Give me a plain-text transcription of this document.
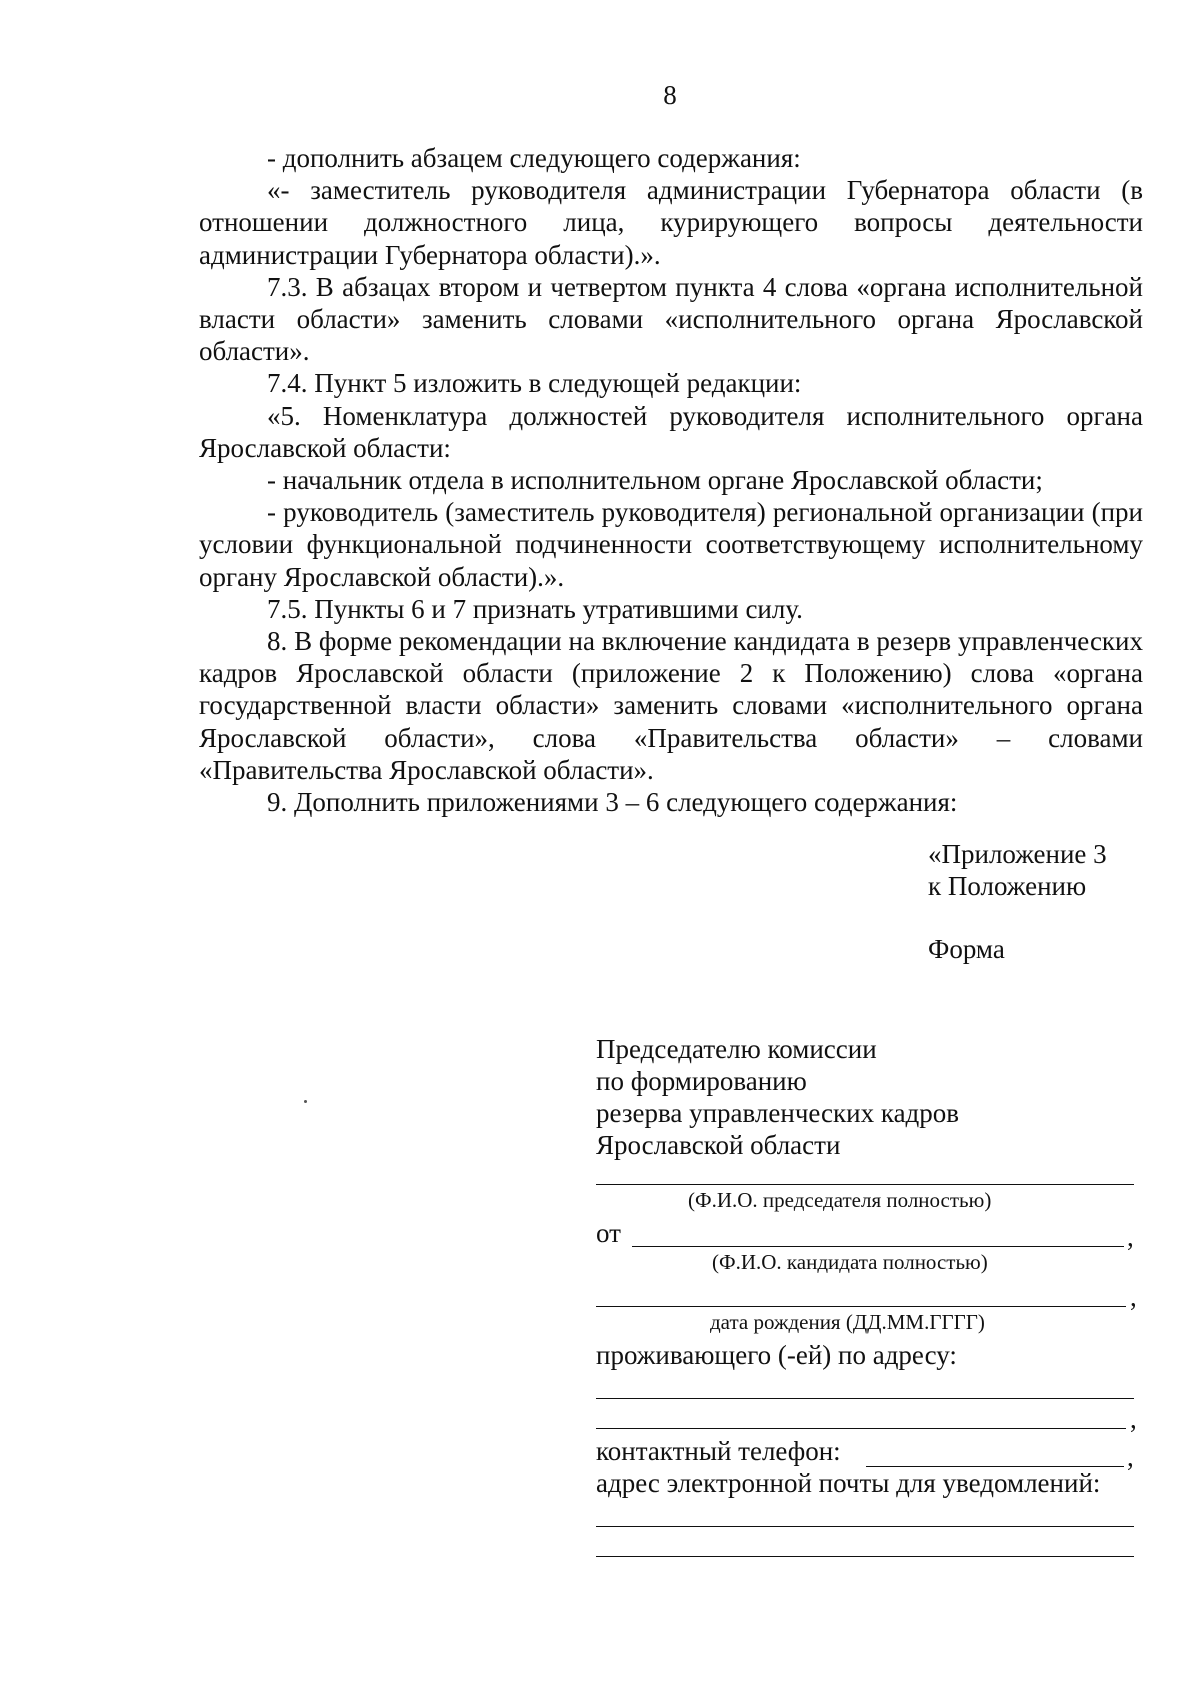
8

- дополнить абзацем следующего содержания:

«- заместитель руководителя администрации Губернатора области (в отношении должностного лица, курирующего вопросы деятельности администрации Губернатора области).».

7.3. В абзацах втором и четвертом пункта 4 слова «органа исполнительной власти области» заменить словами «исполнительного органа Ярославской области».

7.4. Пункт 5 изложить в следующей редакции:

«5. Номенклатура должностей руководителя исполнительного органа Ярославской области:

- начальник отдела в исполнительном органе Ярославской области;

- руководитель (заместитель руководителя) региональной организации (при условии функциональной подчиненности соответствующему исполнительному органу Ярославской области).».

7.5. Пункты 6 и 7 признать утратившими силу.

8. В форме рекомендации на включение кандидата в резерв управленческих кадров Ярославской области (приложение 2 к Положению) слова «органа государственной власти области» заменить словами «исполнительного органа Ярославской области», слова «Правительства области» – словами «Правительства Ярославской области».

9. Дополнить приложениями 3 – 6 следующего содержания:

«Приложение 3
к Положению
Форма
Председателю комиссии
по формированию
резерва управленческих кадров
Ярославской области
(Ф.И.О. председателя полностью)
от	,
(Ф.И.О. кандидата полностью)
,
дата рождения (ДД.ММ.ГГГГ)
проживающего (-ей) по адресу:
,
контактный телефон:	,
адрес электронной почты для уведомлений:
